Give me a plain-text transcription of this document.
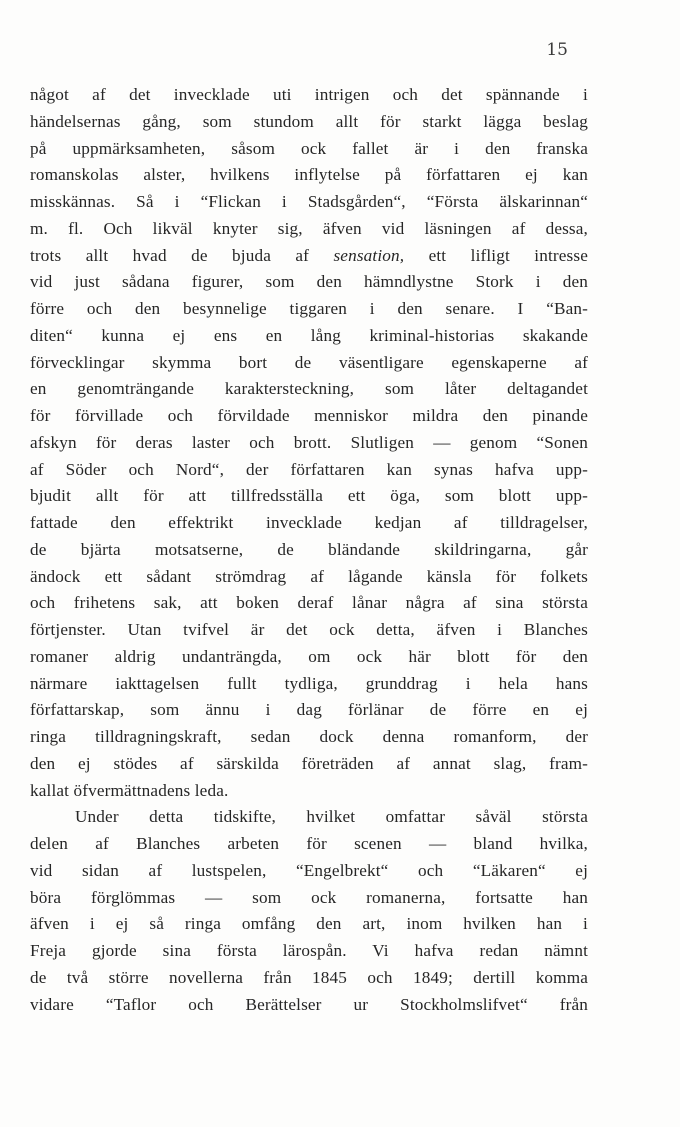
15
något af det invecklade uti intrigen och det spännande i
händelsernas gång, som stundom allt för starkt lägga beslag
på uppmärksamheten, såsom ock fallet är i den franska
romanskolas alster, hvilkens inflytelse på författaren ej kan
misskännas. Så i “Flickan i Stadsgården“, “Första älskarinnan“
m. fl. Och likväl knyter sig, äfven vid läsningen af dessa,
trots allt hvad de bjuda af sensation, ett lifligt intresse
vid just sådana figurer, som den hämndlystne Stork i den
förre och den besynnelige tiggaren i den senare. I “Ban-
diten“ kunna ej ens en lång kriminal-historias skakande
förvecklingar skymma bort de väsentligare egenskaperne af
en genomträngande karaktersteckning, som låter deltagandet
för förvillade och förvildade menniskor mildra den pinande
afskyn för deras laster och brott. Slutligen — genom “Sonen
af Söder och Nord“, der författaren kan synas hafva upp-
bjudit allt för att tillfredsställa ett öga, som blott upp-
fattade den effektrikt invecklade kedjan af tilldragelser,
de bjärta motsatserne, de bländande skildringarna, går
ändock ett sådant strömdrag af lågande känsla för folkets
och frihetens sak, att boken deraf lånar några af sina största
förtjenster. Utan tvifvel är det ock detta, äfven i Blanches
romaner aldrig undanträngda, om ock här blott för den
närmare iakttagelsen fullt tydliga, grunddrag i hela hans
författarskap, som ännu i dag förlänar de förre en ej
ringa tilldragningskraft, sedan dock denna romanform, der
den ej stödes af särskilda företräden af annat slag, fram-
kallat öfvermättnadens leda.
Under detta tidskifte, hvilket omfattar såväl största
delen af Blanches arbeten för scenen — bland hvilka,
vid sidan af lustspelen, “Engelbrekt“ och “Läkaren“ ej
böra förglömmas — som ock romanerna, fortsatte han
äfven i ej så ringa omfång den art, inom hvilken han i
Freja gjorde sina första lärospån. Vi hafva redan nämnt
de två större novellerna från 1845 och 1849; dertill komma
vidare “Taflor och Berättelser ur Stockholmslifvet“ från
